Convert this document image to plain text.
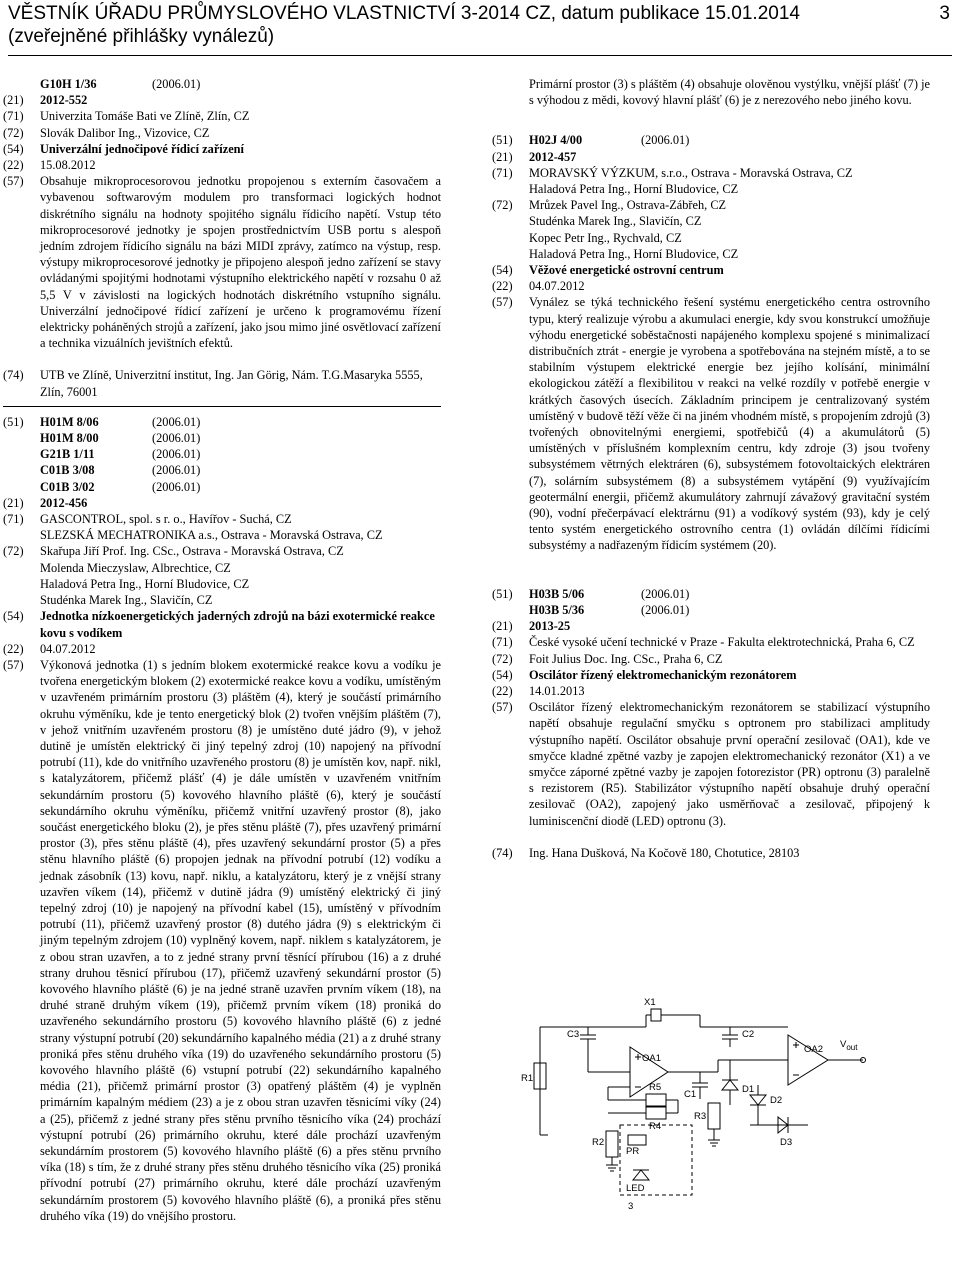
VĚSTNÍK ÚŘADU PRŮMYSLOVÉHO VLASTNICTVÍ 3-2014 CZ, datum publikace 15.01.2014
(zveřejněné přihlášky vynálezů)
3
G10H 1/36	(2006.01)
(21)	2012-552
(71)	Univerzita Tomáše Bati ve Zlíně, Zlín, CZ
(72)	Slovák Dalibor Ing., Vizovice, CZ
(54)	Univerzální jednočipové řídicí zařízení
(22)	15.08.2012
(57)	Obsahuje mikroprocesorovou jednotku propojenou s externím časovačem a vybavenou softwarovým modulem pro transformaci logických hodnot diskrétního signálu na hodnoty spojitého signálu řídicího napětí. Vstup této mikroprocesorové jednotky je spojen prostřednictvím USB portu s alespoň jedním zdrojem řídicího signálu na bázi MIDI zprávy, zatímco na výstup, resp. výstupy mikroprocesorové jednotky je připojeno alespoň jedno zařízení se stavy ovládanými spojitými hodnotami výstupního elektrického napětí v rozsahu 0 až 5,5 V v závislosti na logických hodnotách diskrétního vstupního signálu. Univerzální jednočipové řídicí zařízení je určeno k programovému řízení elektricky poháněných strojů a zařízení, jako jsou mimo jiné osvětlovací zařízení a technika vizuálních jevištních efektů.
(74)	UTB ve Zlíně, Univerzitní institut, Ing. Jan Görig, Nám. T.G.Masaryka 5555, Zlín, 76001
(51)	H01M 8/06	(2006.01)
H01M 8/00	(2006.01)
G21B 1/11	(2006.01)
C01B 3/08	(2006.01)
C01B 3/02	(2006.01)
(21)	2012-456
(71)	GASCONTROL, spol. s r. o., Havířov - Suchá, CZ
SLEZSKÁ MECHATRONIKA a.s., Ostrava - Moravská Ostrava, CZ
(72)	Skařupa Jiří Prof. Ing. CSc., Ostrava - Moravská Ostrava, CZ
Molenda Mieczyslaw, Albrechtice, CZ
Haladová Petra Ing., Horní Bludovice, CZ
Studénka Marek Ing., Slavičín, CZ
(54)	Jednotka nízkoenergetických jaderných zdrojů na bázi exotermické reakce kovu s vodíkem
(22)	04.07.2012
(57)	Výkonová jednotka (1) s jedním blokem exotermické reakce kovu a vodíku je tvořena energetickým blokem (2) exotermické reakce kovu a vodíku, umístěným v uzavřeném primárním prostoru (3) pláštěm (4), který je součástí primárního okruhu výměníku, kde je tento energetický blok (2) tvořen vnějším pláštěm (7), v jehož vnitřním uzavřeném prostoru (8) je umístěno duté jádro (9), v jehož dutině je umístěn elektrický či jiný tepelný zdroj (10) napojený na přívodní potrubí (11), kde do vnitřního uzavřeného prostoru (8) je umístěn kov, např. nikl, s katalyzátorem, přičemž plášť (4) je dále umístěn v uzavřeném vnitřním sekundárním prostoru (5) kovového hlavního pláště (6), který je součástí sekundárního okruhu výměníku, přičemž vnitřní uzavřený prostor (8), jako součást energetického bloku (2), je přes stěnu pláště (7), přes uzavřený primární prostor (3), přes stěnu pláště (4), přes uzavřený sekundární prostor (5) a přes stěnu hlavního pláště (6) propojen jednak na přívodní potrubí (12) vodíku a jednak zásobník (13) kovu, např. niklu, a katalyzátoru, který je z vnější strany uzavřen víkem (14), přičemž v dutině jádra (9) umístěný elektrický či jiný tepelný zdroj (10) je napojený na přívodní kabel (15), umístěný v přívodním potrubí (11), přičemž uzavřený prostor (8) dutého jádra (9) s elektrickým či jiným tepelným zdrojem (10) vyplněný kovem, např. niklem s katalyzátorem, je z obou stran uzavřen, a to z jedné strany první těsnící přírubou (16) a z druhé strany druhou těsnicí přírubou (17), přičemž uzavřený sekundární prostor (5) kovového hlavního pláště (6) je na jedné straně uzavřen prvním víkem (18), na druhé straně druhým víkem (19), přičemž prvním víkem (18) proniká do uzavřeného sekundárního prostoru (5) kovového hlavního pláště (6) z jedné strany výstupní potrubí (20) sekundárního kapalného média (21) a z druhé strany proniká přes stěnu druhého víka (19) do uzavřeného sekundárního prostoru (5) kovového hlavního pláště (6) vstupní potrubí (22) sekundárního kapalného média (21), přičemž primární prostor (3) opatřený pláštěm (4) je vyplněn primárním kapalným médiem (23) a je z obou stran uzavřen těsnicími víky (24) a (25), přičemž z jedné strany přes stěnu prvního těsnicího víka (24) prochází výstupní potrubí (26) primárního okruhu, které dále prochází uzavřeným sekundárním prostorem (5) kovového hlavního pláště (6) a přes stěnu prvního víka (18) s tím, že z druhé strany přes stěnu druhého těsnicího víka (25) proniká přívodní potrubí (27) primárního okruhu, které dále prochází uzavřeným sekundárním prostorem (5) kovového hlavního pláště (6), a proniká přes stěnu druhého víka (19) do vnějšího prostoru.
Primární prostor (3) s pláštěm (4) obsahuje olověnou vystýlku, vnější plášť (7) je s výhodou z mědi, kovový hlavní plášť (6) je z nerezového nebo jiného kovu.
(51)	H02J 4/00	(2006.01)
(21)	2012-457
(71)	MORAVSKÝ VÝZKUM, s.r.o., Ostrava - Moravská Ostrava, CZ
Haladová Petra Ing., Horní Bludovice, CZ
(72)	Mrůzek Pavel Ing., Ostrava-Zábřeh, CZ
Studénka Marek Ing., Slavičín, CZ
Kopec Petr Ing., Rychvald, CZ
Haladová Petra Ing., Horní Bludovice, CZ
(54)	Věžové energetické ostrovní centrum
(22)	04.07.2012
(57)	Vynález se týká technického řešení systému energetického centra ostrovního typu, který realizuje výrobu a akumulaci energie, kdy svou konstrukcí umožňuje výhodu energetické soběstačnosti napájeného komplexu spojené s minimalizací distribučních ztrát - energie je vyrobena a spotřebována na stejném místě, a to se stabilním výstupem elektrické energie bez jejího kolísání, minimální ekologickou zátěží a flexibilitou v reakci na velké rozdíly v potřebě energie v krátkých časových úsecích. Základním principem je centralizovaný systém umístěný v budově těží věže či na jiném vhodném místě, s propojením zdrojů (3) tvořených obnovitelnými energiemi, spotřebičů (4) a akumulátorů (5) umístěných v příslušném komplexním centru, kdy zdroje (3) jsou tvořeny subsystémem větrných elektráren (6), subsystémem fotovoltaických elektráren (7), solárním subsystémem (8) a subsystémem vytápění (9) využívajícím geotermální energii, přičemž akumulátory zahrnují závažový gravitační systém (90), vodní přečerpávací elektrárnu (91) a vodíkový systém (93), kdy je celý tento systém energetického ostrovního centra (1) ovládán dílčími řídicími subsystémy a nadřazeným řídicím systémem (20).
(51)	H03B 5/06	(2006.01)
H03B 5/36	(2006.01)
(21)	2013-25
(71)	České vysoké učení technické v Praze - Fakulta elektrotechnická, Praha 6, CZ
(72)	Foit Julius Doc. Ing. CSc., Praha 6, CZ
(54)	Oscilátor řízený elektromechanickým rezonátorem
(22)	14.01.2013
(57)	Oscilátor řízený elektromechanickým rezonátorem se stabilizací výstupního napětí obsahuje regulační smyčku s optronem pro stabilizaci amplitudy výstupního napětí. Oscilátor obsahuje první operační zesilovač (OA1), kde ve smyčce kladné zpětné vazby je zapojen elektromechanický rezonátor (X1) a ve smyčce záporné zpětné vazby je zapojen fotorezistor (PR) optronu (3) paralelně s rezistorem (R5). Stabilizátor výstupního napětí obsahuje druhý operační zesilovač (OA2), zapojený jako usměrňovač a zesilovač, připojený k luminiscenční diodě (LED) optronu (3).
(74)	Ing. Hana Dušková, Na Kočově 180, Chotutice, 28103
X1
C3	C2
OA1
OA2 $V_{out}$
R1
R5
R4
C1	D1
D2
PR
LED
3
R2
R3
D3
